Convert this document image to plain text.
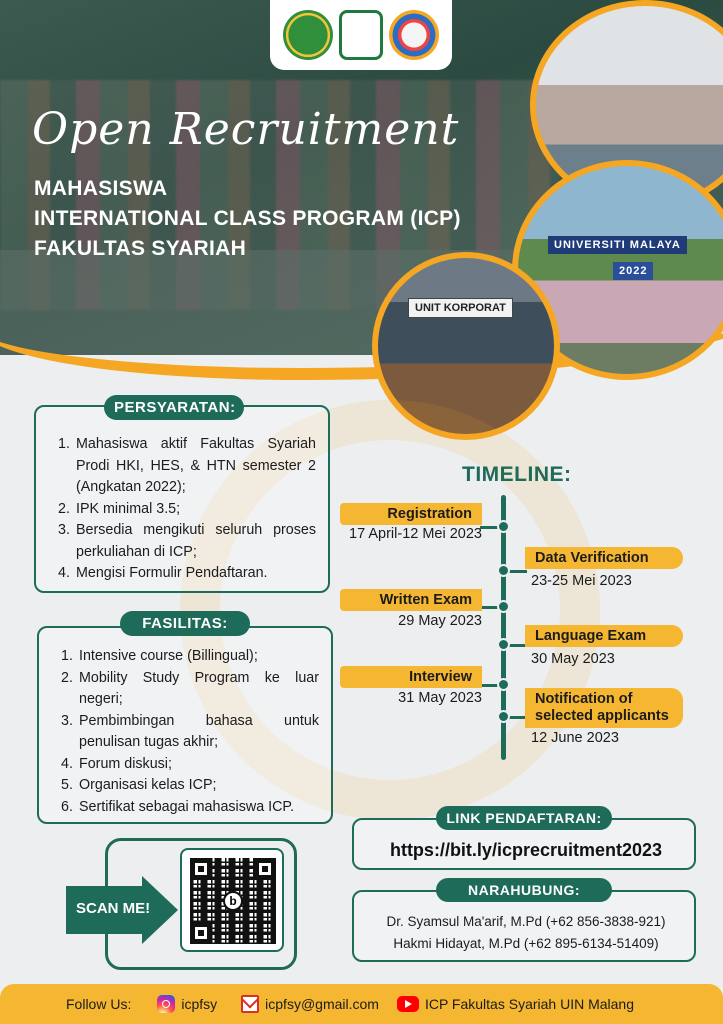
Open Recruitment
MAHASISWA
INTERNATIONAL CLASS PROGRAM (ICP)
FAKULTAS SYARIAH	UNIVERSITI MALAYA
2022
UNIT KORPORAT
Mahasiswa aktif Fakultas Syariah Prodi HKI, HES, & HTN semester 2 (Angkatan 2022);
IPK minimal 3.5;
Bersedia mengikuti seluruh proses perkuliahan di ICP;
Mengisi Formulir Pendaftaran.
PERSYARATAN:
Intensive course (Billingual);
Mobility Study Program ke luar negeri;
Pembimbingan bahasa untuk penulisan tugas akhir;
Forum diskusi;
Organisasi kelas ICP;
Sertifikat sebagai mahasiswa ICP.
FASILITAS:
TIMELINE:
Registration
17 April-12 Mei 2023
Data Verification
23-25 Mei 2023
Written Exam
29 May 2023
Language Exam
30 May 2023
Interview
31 May 2023	Notification of selected applicants
12 June 2023
https://bit.ly/icprecruitment2023
LINK PENDAFTARAN:
Dr. Syamsul Ma'arif, M.Pd (+62 856-3838-921)
Hakmi Hidayat, M.Pd (+62 895-6134-51409)
NARAHUBUNG:
SCAN ME!	b
Follow Us:	icpfsy	icpfsy@gmail.com	ICP Fakultas Syariah UIN Malang
